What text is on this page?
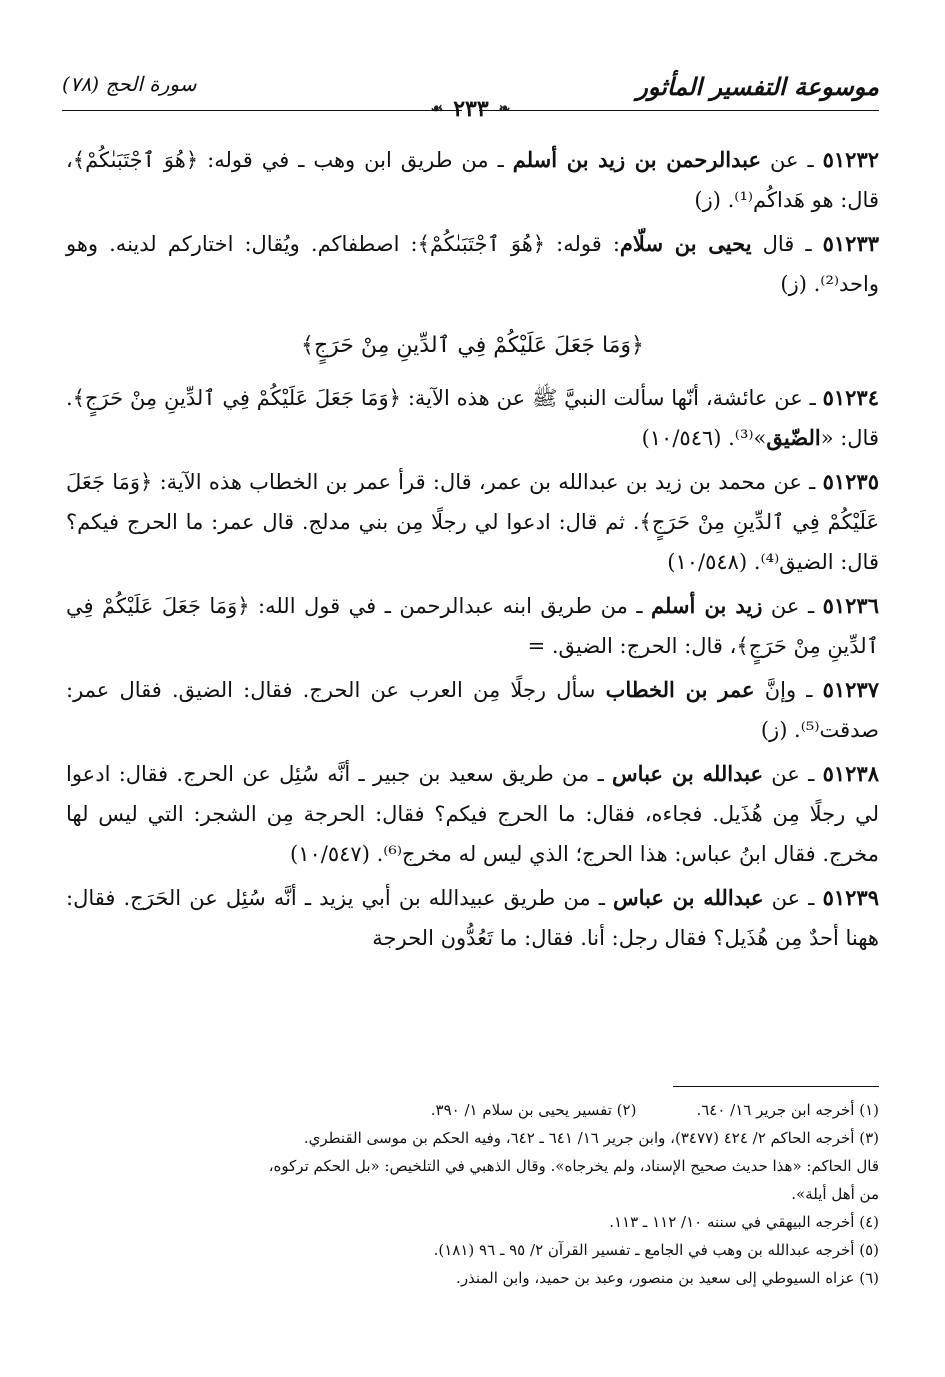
موسوعة التفسير المأثور
❧
٢٣٣
☙
سورة الحج (٧٨)

٥١٢٣٢ ـ عن عبدالرحمن بن زيد بن أسلم ـ من طريق ابن وهب ـ في قوله: ﴿هُوَ ٱجْتَبَىٰكُمْ﴾، قال: هو هَداكُم⁽¹⁾. (ز)

٥١٢٣٣ ـ قال يحيى بن سلّام: قوله: ﴿هُوَ ٱجْتَبَىٰكُمْ﴾: اصطفاكم. ويُقال: اختاركم لدينه. وهو واحد⁽²⁾. (ز)

﴿وَمَا جَعَلَ عَلَيْكُمْ فِي ٱلدِّينِ مِنْ حَرَجٍ﴾

٥١٢٣٤ ـ عن عائشة، أنّها سألت النبيَّ ﷺ عن هذه الآية: ﴿وَمَا جَعَلَ عَلَيْكُمْ فِي ٱلدِّينِ مِنْ حَرَجٍ﴾. قال: «الضّيق»⁽³⁾. (١٠/٥٤٦)

٥١٢٣٥ ـ عن محمد بن زيد بن عبدالله بن عمر، قال: قرأ عمر بن الخطاب هذه الآية: ﴿وَمَا جَعَلَ عَلَيْكُمْ فِي ٱلدِّينِ مِنْ حَرَجٍ﴾. ثم قال: ادعوا لي رجلًا مِن بني مدلج. قال عمر: ما الحرج فيكم؟ قال: الضيق⁽⁴⁾. (١٠/٥٤٨)

٥١٢٣٦ ـ عن زيد بن أسلم ـ من طريق ابنه عبدالرحمن ـ في قول الله: ﴿وَمَا جَعَلَ عَلَيْكُمْ فِي ٱلدِّينِ مِنْ حَرَجٍ﴾، قال: الحرج: الضيق. =

٥١٢٣٧ ـ وإنَّ عمر بن الخطاب سأل رجلًا مِن العرب عن الحرج. فقال: الضيق. فقال عمر: صدقت⁽⁵⁾. (ز)

٥١٢٣٨ ـ عن عبدالله بن عباس ـ من طريق سعيد بن جبير ـ أنَّه سُئِل عن الحرج. فقال: ادعوا لي رجلًا مِن هُذَيل. فجاءه، فقال: ما الحرج فيكم؟ فقال: الحرجة مِن الشجر: التي ليس لها مخرج. فقال ابنُ عباس: هذا الحرج؛ الذي ليس له مخرج⁽⁶⁾. (١٠/٥٤٧)

٥١٢٣٩ ـ عن عبدالله بن عباس ـ من طريق عبيدالله بن أبي يزيد ـ أنَّه سُئِل عن الحَرَج. فقال: ههنا أحدٌ مِن هُذَيل؟ فقال رجل: أنا. فقال: ما تَعُدُّون الحرجة

(١) أخرجه ابن جرير ١٦/ ٦٤٠.
(٢) تفسير يحيى بن سلام ١/ ٣٩٠.
(٣) أخرجه الحاكم ٢/ ٤٢٤ (٣٤٧٧)، وابن جرير ١٦/ ٦٤١ ـ ٦٤٢، وفيه الحكم بن موسى القنطري.
قال الحاكم: «هذا حديث صحيح الإسناد، ولم يخرجاه». وقال الذهبي في التلخيص: «بل الحكم تركوه،
من أهل أيلة».
(٤) أخرجه البيهقي في سننه ١٠/ ١١٢ ـ ١١٣.
(٥) أخرجه عبدالله بن وهب في الجامع ـ تفسير القرآن ٢/ ٩٥ ـ ٩٦ (١٨١).
(٦) عزاه السيوطي إلى سعيد بن منصور، وعبد بن حميد، وابن المنذر.
